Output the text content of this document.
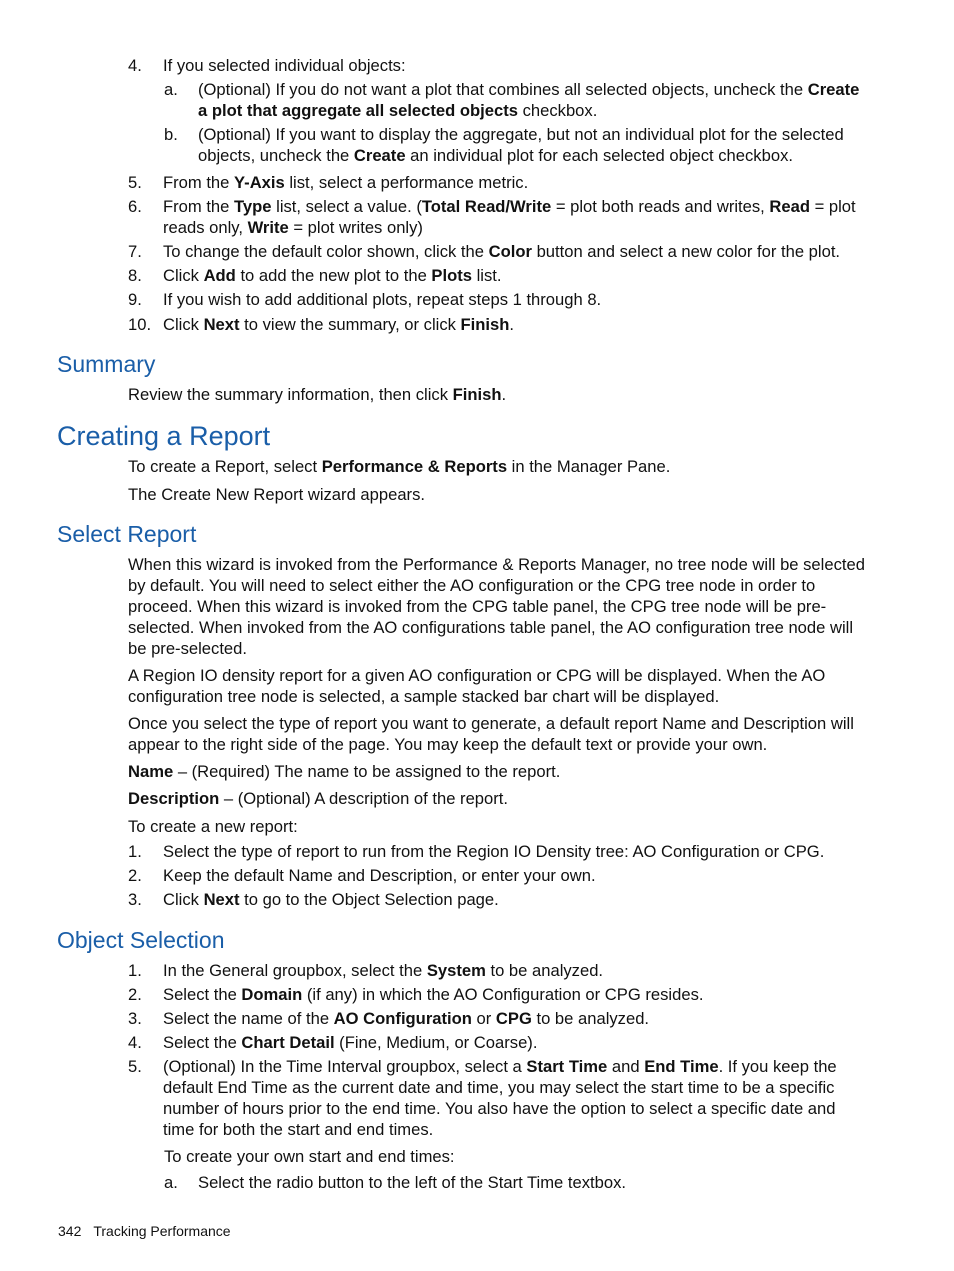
4. If you selected individual objects:
a. (Optional) If you do not want a plot that combines all selected objects, uncheck the Create a plot that aggregate all selected objects checkbox.
b. (Optional) If you want to display the aggregate, but not an individual plot for the selected objects, uncheck the Create an individual plot for each selected object checkbox.
5. From the Y-Axis list, select a performance metric.
6. From the Type list, select a value. (Total Read/Write = plot both reads and writes, Read = plot reads only, Write = plot writes only)
7. To change the default color shown, click the Color button and select a new color for the plot.
8. Click Add to add the new plot to the Plots list.
9. If you wish to add additional plots, repeat steps 1 through 8.
10. Click Next to view the summary, or click Finish.
Summary
Review the summary information, then click Finish.
Creating a Report
To create a Report, select Performance & Reports in the Manager Pane.
The Create New Report wizard appears.
Select Report
When this wizard is invoked from the Performance & Reports Manager, no tree node will be selected by default. You will need to select either the AO configuration or the CPG tree node in order to proceed. When this wizard is invoked from the CPG table panel, the CPG tree node will be pre-selected. When invoked from the AO configurations table panel, the AO configuration tree node will be pre-selected.
A Region IO density report for a given AO configuration or CPG will be displayed. When the AO configuration tree node is selected, a sample stacked bar chart will be displayed.
Once you select the type of report you want to generate, a default report Name and Description will appear to the right side of the page. You may keep the default text or provide your own.
Name – (Required) The name to be assigned to the report.
Description – (Optional) A description of the report.
To create a new report:
1. Select the type of report to run from the Region IO Density tree: AO Configuration or CPG.
2. Keep the default Name and Description, or enter your own.
3. Click Next to go to the Object Selection page.
Object Selection
1. In the General groupbox, select the System to be analyzed.
2. Select the Domain (if any) in which the AO Configuration or CPG resides.
3. Select the name of the AO Configuration or CPG to be analyzed.
4. Select the Chart Detail (Fine, Medium, or Coarse).
5. (Optional) In the Time Interval groupbox, select a Start Time and End Time. If you keep the default End Time as the current date and time, you may select the start time to be a specific number of hours prior to the end time. You also have the option to select a specific date and time for both the start and end times.
To create your own start and end times:
a. Select the radio button to the left of the Start Time textbox.
342 Tracking Performance
